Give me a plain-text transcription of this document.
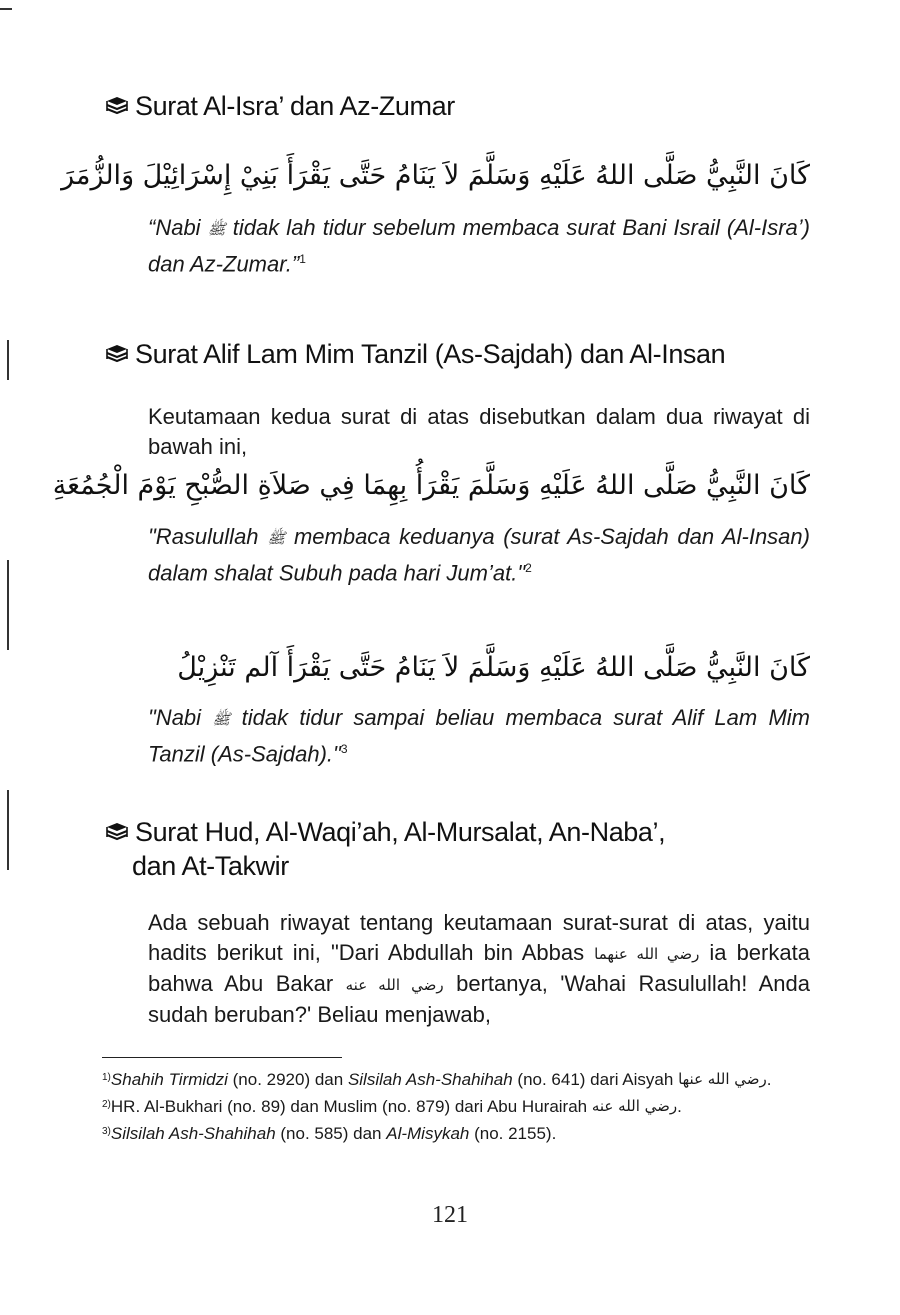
Surat Al-Isra’ dan Az-Zumar
كَانَ النَّبِيُّ صَلَّى اللهُ عَلَيْهِ وَسَلَّمَ لاَ يَنَامُ حَتَّى يَقْرَأَ بَنِيْ إِسْرَائِيْلَ وَالزُّمَرَ
“Nabi ﷺ tidak lah tidur sebelum membaca surat Bani Israil (Al-Isra’) dan Az-Zumar.”$^1$
Surat Alif Lam Mim Tanzil (As-Sajdah) dan Al-Insan
Keutamaan kedua surat di atas disebutkan dalam dua riwayat di bawah ini,
كَانَ النَّبِيُّ صَلَّى اللهُ عَلَيْهِ وَسَلَّمَ يَقْرَأُ بِهِمَا فِي صَلاَةِ الصُّبْحِ يَوْمَ الْجُمُعَةِ
"Rasulullah ﷺ membaca keduanya (surat As-Sajdah dan Al-Insan) dalam shalat Subuh pada hari Jum’at."$^2$
كَانَ النَّبِيُّ صَلَّى اللهُ عَلَيْهِ وَسَلَّمَ لاَ يَنَامُ حَتَّى يَقْرَأَ آلم تَنْزِيْلُ
"Nabi ﷺ tidak tidur sampai beliau membaca surat Alif Lam Mim Tanzil (As-Sajdah)."$^3$
Surat Hud, Al-Waqi’ah, Al-Mursalat, An-Naba’,
dan At-Takwir
Ada sebuah riwayat tentang keutamaan surat-surat di atas, yaitu hadits berikut ini, "Dari Abdullah bin Abbas رضي الله عنهما ia berkata bahwa Abu Bakar رضي الله عنه bertanya, 'Wahai Rasulullah! Anda sudah beruban?' Beliau menjawab,
$^{1)}$Shahih Tirmidzi (no. 2920) dan Silsilah Ash-Shahihah (no. 641) dari Aisyah رضي الله عنها.
$^{2)}$HR. Al-Bukhari (no. 89) dan Muslim (no. 879) dari Abu Hurairah رضي الله عنه.
$^{3)}$Silsilah Ash-Shahihah (no. 585) dan Al-Misykah (no. 2155).
121
